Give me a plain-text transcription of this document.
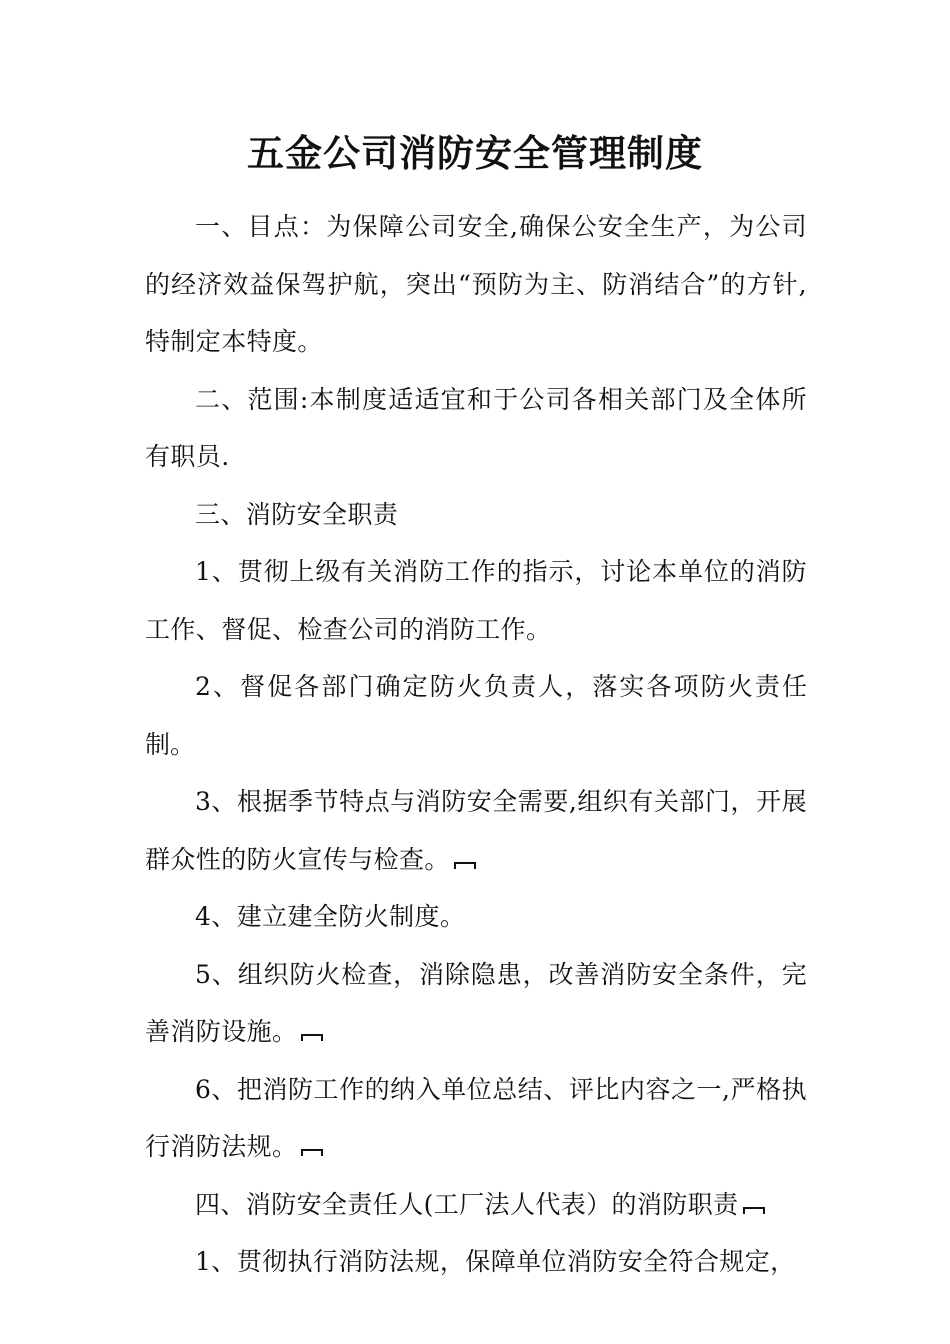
五金公司消防安全管理制度

一、目点：为保障公司安全,确保公安全生产，为公司的经济效益保驾护航，突出“预防为主、防消结合”的方针,特制定本特度。

二、范围:本制度适适宜和于公司各相关部门及全体所有职员.

三、消防安全职责

1、贯彻上级有关消防工作的指示，讨论本单位的消防工作、督促、检查公司的消防工作。

2、督促各部门确定防火负责人，落实各项防火责任制。

3、根据季节特点与消防安全需要,组织有关部门，开展群众性的防火宣传与检查。

4、建立建全防火制度。

5、组织防火检查，消除隐患，改善消防安全条件，完善消防设施。

6、把消防工作的纳入单位总结、评比内容之一,严格执行消防法规。

四、消防安全责任人(工厂法人代表）的消防职责

1、贯彻执行消防法规，保障单位消防安全符合规定，
